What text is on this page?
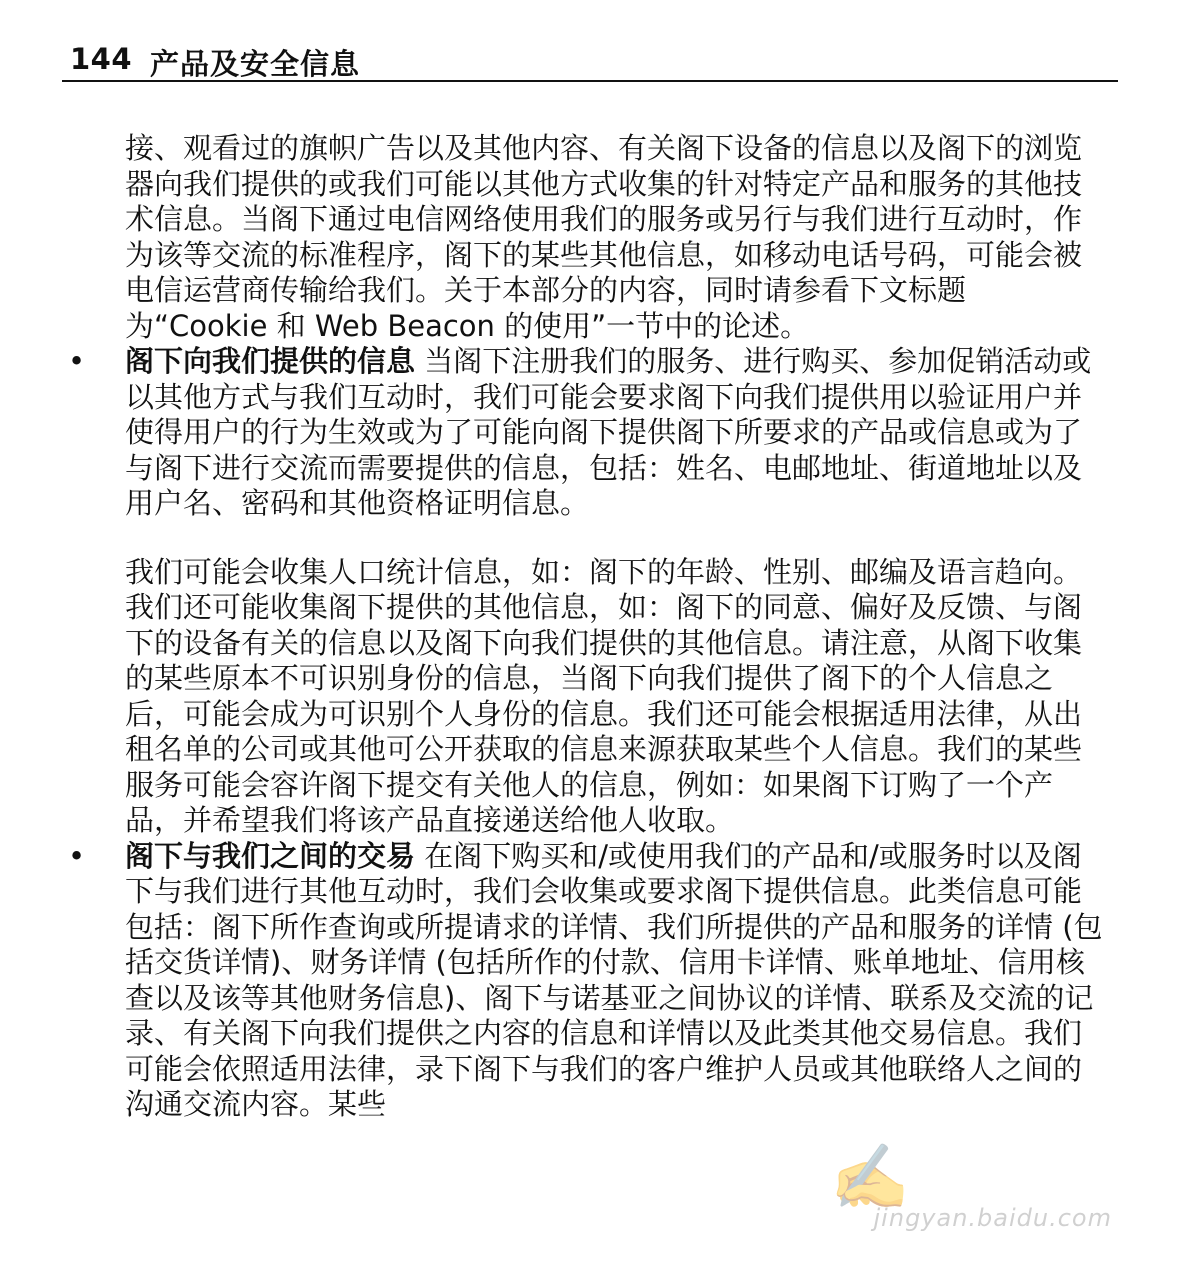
144 产品及安全信息

接、观看过的旗帜广告以及其他内容、有关阁下设备的信息以及阁下的浏览器向我们提供的或我们可能以其他方式收集的针对特定产品和服务的其他技术信息。当阁下通过电信网络使用我们的服务或另行与我们进行互动时，作为该等交流的标准程序，阁下的某些其他信息，如移动电话号码，可能会被电信运营商传输给我们。关于本部分的内容，同时请参看下文标题为“Cookie 和 Web Beacon 的使用”一节中的论述。

• 阁下向我们提供的信息 当阁下注册我们的服务、进行购买、参加促销活动或以其他方式与我们互动时，我们可能会要求阁下向我们提供用以验证用户并使得用户的行为生效或为了可能向阁下提供阁下所要求的产品或信息或为了与阁下进行交流而需要提供的信息，包括：姓名、电邮地址、街道地址以及用户名、密码和其他资格证明信息。

我们可能会收集人口统计信息，如：阁下的年龄、性别、邮编及语言趋向。我们还可能收集阁下提供的其他信息，如：阁下的同意、偏好及反馈、与阁下的设备有关的信息以及阁下向我们提供的其他信息。请注意，从阁下收集的某些原本不可识别身份的信息，当阁下向我们提供了阁下的个人信息之后，可能会成为可识别个人身份的信息。我们还可能会根据适用法律，从出租名单的公司或其他可公开获取的信息来源获取某些个人信息。我们的某些服务可能会容许阁下提交有关他人的信息，例如：如果阁下订购了一个产品，并希望我们将该产品直接递送给他人收取。

• 阁下与我们之间的交易 在阁下购买和/或使用我们的产品和/或服务时以及阁下与我们进行其他互动时，我们会收集或要求阁下提供信息。此类信息可能包括：阁下所作查询或所提请求的详情、我们所提供的产品和服务的详情 (包括交货详情)、财务详情 (包括所作的付款、信用卡详情、账单地址、信用核查以及该等其他财务信息)、阁下与诺基亚之间协议的详情、联系及交流的记录、有关阁下向我们提供之内容的信息和详情以及此类其他交易信息。我们可能会依照适用法律，录下阁下与我们的客户维护人员或其他联络人之间的沟通交流内容。某些

✍
jingyan.baidu.com
